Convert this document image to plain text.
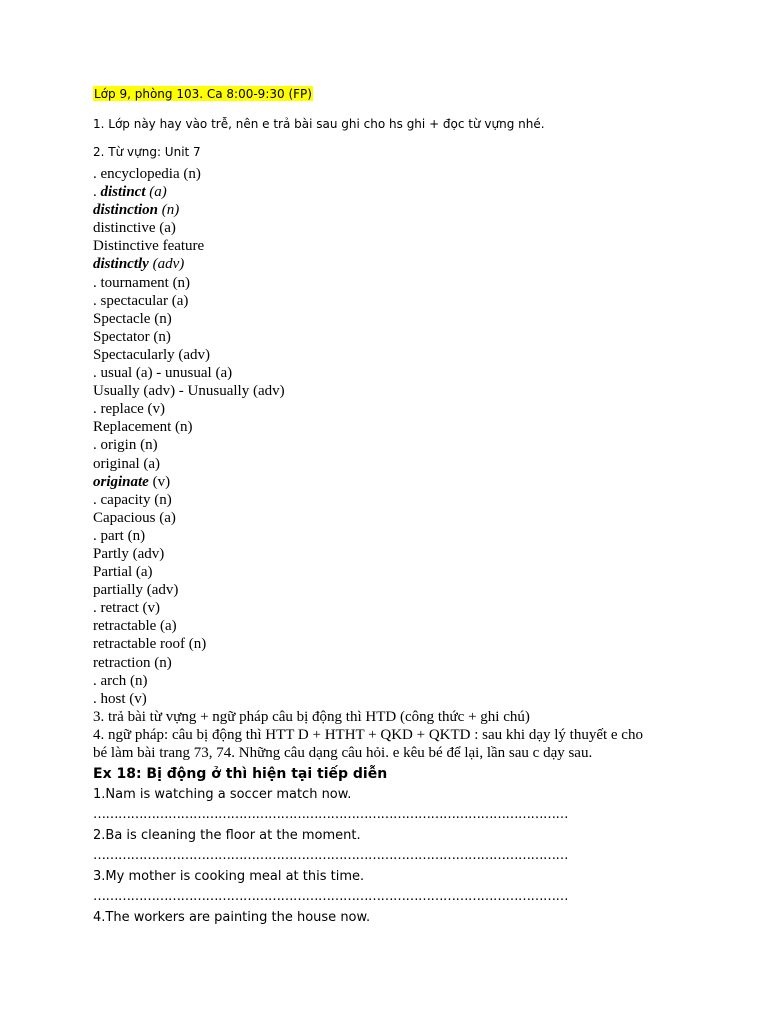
Lớp 9, phòng 103. Ca 8:00-9:30 (FP)
1. Lớp này hay vào trễ, nên e trả bài sau ghi cho hs ghi + đọc từ vựng nhé.
2. Từ vựng: Unit 7
. encyclopedia (n)
. distinct (a)
distinction (n)
distinctive (a)
Distinctive feature
distinctly (adv)
. tournament (n)
. spectacular (a)
Spectacle (n)
Spectator (n)
Spectacularly (adv)
. usual (a) - unusual (a)
Usually (adv) - Unusually (adv)
. replace (v)
Replacement (n)
. origin (n)
original (a)
originate (v)
. capacity (n)
Capacious (a)
. part (n)
Partly (adv)
Partial (a)
partially (adv)
. retract (v)
retractable (a)
retractable roof (n)
retraction (n)
. arch (n)
. host (v)
3. trả bài từ vựng + ngữ pháp câu bị động thì HTD (công thức + ghi chú)
4. ngữ pháp: câu bị động thì HTT D + HTHT + QKD + QKTD : sau khi dạy lý thuyết e cho
bé làm bài trang 73, 74. Những câu dạng câu hỏi. e kêu bé để lại, lần sau c dạy sau.
Ex 18: Bị động ở thì hiện tại tiếp diễn
1.Nam is watching a soccer match now.
……………………………………………………………………………………………………
2.Ba is cleaning the floor at the moment.
……………………………………………………………………………………………………
3.My mother is cooking meal at this time.
……………………………………………………………………………………………………
4.The workers are painting the house now.
